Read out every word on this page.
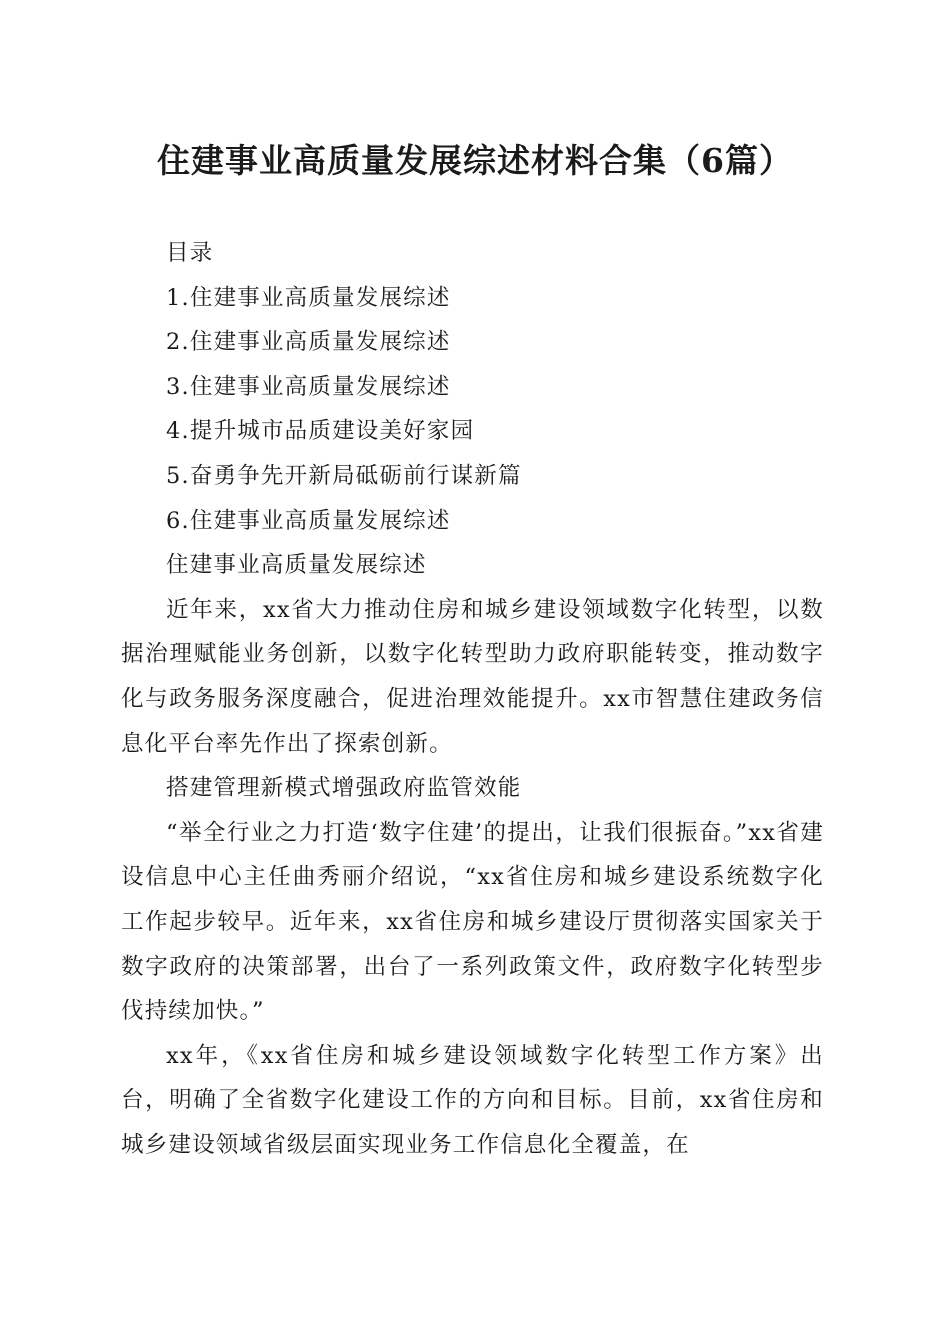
住建事业高质量发展综述材料合集（6篇）

目录

1.住建事业高质量发展综述

2.住建事业高质量发展综述

3.住建事业高质量发展综述

4.提升城市品质建设美好家园

5.奋勇争先开新局砥砺前行谋新篇

6.住建事业高质量发展综述

住建事业高质量发展综述

近年来，xx省大力推动住房和城乡建设领域数字化转型，以数据治理赋能业务创新，以数字化转型助力政府职能转变，推动数字化与政务服务深度融合，促进治理效能提升。xx市智慧住建政务信息化平台率先作出了探索创新。

搭建管理新模式增强政府监管效能

“举全行业之力打造‘数字住建’的提出，让我们很振奋。”xx省建设信息中心主任曲秀丽介绍说，“xx省住房和城乡建设系统数字化工作起步较早。近年来，xx省住房和城乡建设厅贯彻落实国家关于数字政府的决策部署，出台了一系列政策文件，政府数字化转型步伐持续加快。”

xx年，《xx省住房和城乡建设领域数字化转型工作方案》出台，明确了全省数字化建设工作的方向和目标。目前，xx省住房和城乡建设领域省级层面实现业务工作信息化全覆盖，在
